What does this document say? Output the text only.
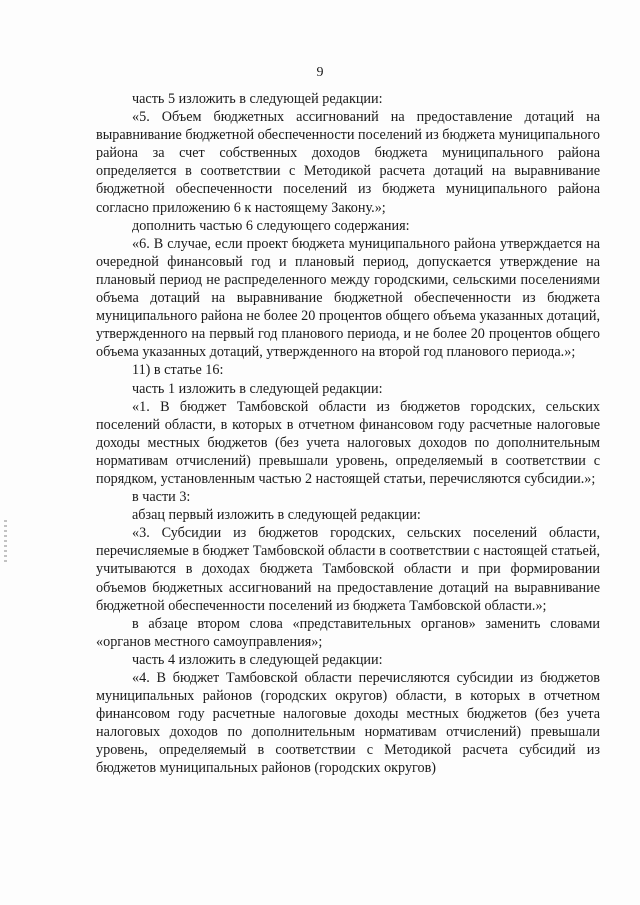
9

часть 5 изложить в следующей редакции:

«5. Объем бюджетных ассигнований на предоставление дотаций на выравнивание бюджетной обеспеченности поселений из бюджета муниципального района за счет собственных доходов бюджета муниципального района определяется в соответствии с Методикой расчета дотаций на выравнивание бюджетной обеспеченности поселений из бюджета муниципального района согласно приложению 6 к настоящему Закону.»;

дополнить частью 6 следующего содержания:

«6. В случае, если проект бюджета муниципального района утверждается на очередной финансовый год и плановый период, допускается утверждение на плановый период не распределенного между городскими, сельскими поселениями объема дотаций на выравнивание бюджетной обеспеченности из бюджета муниципального района не более 20 процентов общего объема указанных дотаций, утвержденного на первый год планового периода, и не более 20 процентов общего объема указанных дотаций, утвержденного на второй год планового периода.»;

11) в статье 16:

часть 1 изложить в следующей редакции:

«1. В бюджет Тамбовской области из бюджетов городских, сельских поселений области, в которых в отчетном финансовом году расчетные налоговые доходы местных бюджетов (без учета налоговых доходов по дополнительным нормативам отчислений) превышали уровень, определяемый в соответствии с порядком, установленным частью 2 настоящей статьи, перечисляются субсидии.»;

в части 3:

абзац первый изложить в следующей редакции:

«3. Субсидии из бюджетов городских, сельских поселений области, перечисляемые в бюджет Тамбовской области в соответствии с настоящей статьей, учитываются в доходах бюджета Тамбовской области и при формировании объемов бюджетных ассигнований на предоставление дотаций на выравнивание бюджетной обеспеченности поселений из бюджета Тамбовской области.»;

в абзаце втором слова «представительных органов» заменить словами «органов местного самоуправления»;

часть 4 изложить в следующей редакции:

«4. В бюджет Тамбовской области перечисляются субсидии из бюджетов муниципальных районов (городских округов) области, в которых в отчетном финансовом году расчетные налоговые доходы местных бюджетов (без учета налоговых доходов по дополнительным нормативам отчислений) превышали уровень, определяемый в соответствии с Методикой расчета субсидий из бюджетов муниципальных районов (городских округов)
